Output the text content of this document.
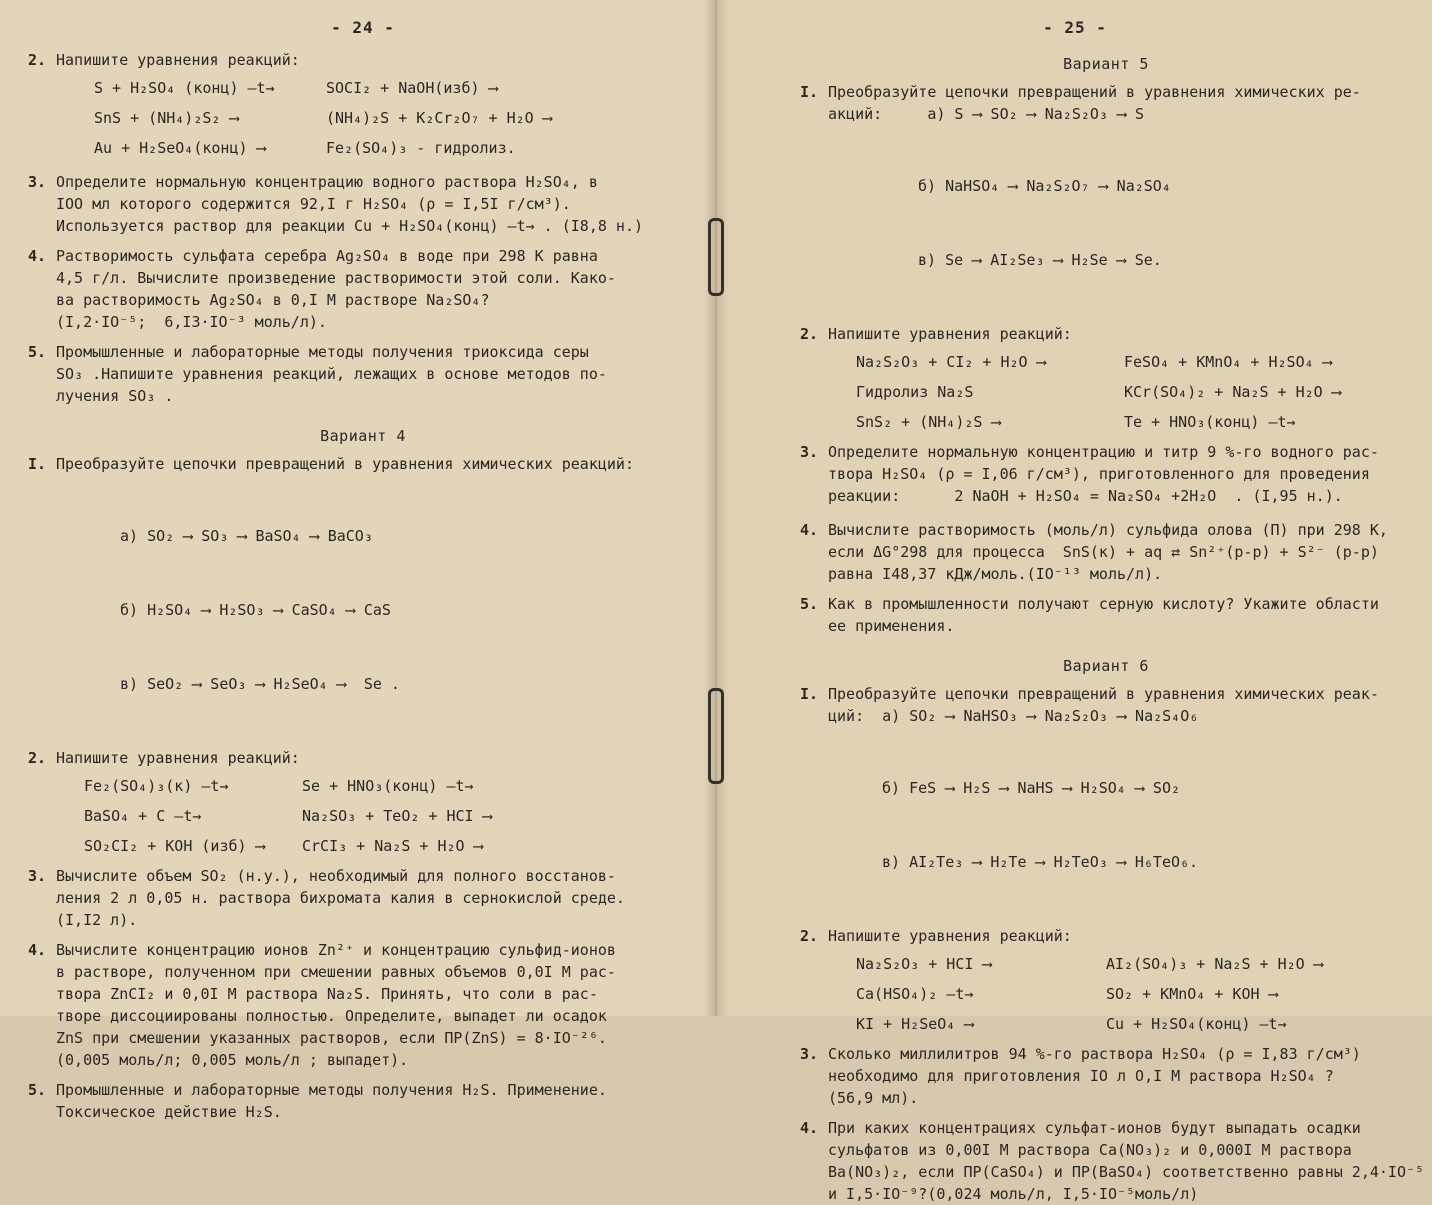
- 24 -
2. Напишите уравнения реакций:
S + H₂SO₄ (конц) —t→	SOCI₂ + NaOH(изб) ⟶
SnS + (NH₄)₂S₂ ⟶	(NH₄)₂S + K₂Cr₂O₇ + H₂O ⟶
Au + H₂SeO₄(конц) ⟶	Fe₂(SO₄)₃ - гидролиз.
3. Определите нормальную концентрацию водного раствора H₂SO₄, в
IOO мл которого содержится 92,I г H₂SO₄ (ρ = I,5I г/см³).
Используется раствор для реакции Cu + H₂SO₄(конц) —t→ . (I8,8 н.)
4. Растворимость сульфата серебра Ag₂SO₄ в воде при 298 К равна
4,5 г/л. Вычислите произведение растворимости этой соли. Како-
ва растворимость Ag₂SO₄ в 0,I М растворе Na₂SO₄?
(I,2·IO⁻⁵;  6,I3·IO⁻³ моль/л).
5. Промышленные и лабораторные методы получения триоксида серы
SO₃ .Напишите уравнения реакций, лежащих в основе методов по-
лучения SO₃ .
Вариант 4
I. Преобразуйте цепочки превращений в уравнения химических реакций:

а) SO₂ ⟶ SO₃ ⟶ BaSO₄ ⟶ BaCO₃

б) H₂SO₄ ⟶ H₂SO₃ ⟶ CaSO₄ ⟶ CaS

в) SeO₂ ⟶ SeO₃ ⟶ H₂SeO₄ ⟶  Se .

2. Напишите уравнения реакций:
Fe₂(SO₄)₃(к) —t→	Se + HNO₃(конц) —t→
BaSO₄ + C —t→	Na₂SO₃ + TeO₂ + HCI ⟶
SO₂CI₂ + KOH (изб) ⟶	CrCI₃ + Na₂S + H₂O ⟶
3. Вычислите объем SO₂ (н.у.), необходимый для полного восстанов-
ления 2 л 0,05 н. раствора бихромата калия в сернокислой среде.
(I,I2 л).
4. Вычислите концентрацию ионов Zn²⁺ и концентрацию сульфид-ионов
в растворе, полученном при смешении равных объемов 0,0I М рас-
твора ZnCI₂ и 0,0I М раствора Na₂S. Принять, что соли в рас-
творе диссоциированы полностью. Определите, выпадет ли осадок
ZnS при смешении указанных растворов, если ПР(ZnS) = 8·IO⁻²⁶.
(0,005 моль/л; 0,005 моль/л ; выпадет).
5. Промышленные и лабораторные методы получения H₂S. Применение.
Токсическое действие H₂S.
- 25 -
Вариант 5
I. Преобразуйте цепочки превращений в уравнения химических ре-
акций:     а) S ⟶ SO₂ ⟶ Na₂S₂O₃ ⟶ S

б) NaHSO₄ ⟶ Na₂S₂O₇ ⟶ Na₂SO₄

в) Se ⟶ AI₂Se₃ ⟶ H₂Se ⟶ Se.

2. Напишите уравнения реакций:
Na₂S₂O₃ + CI₂ + H₂O ⟶	FeSO₄ + KMnO₄ + H₂SO₄ ⟶
Гидролиз Na₂S	KCr(SO₄)₂ + Na₂S + H₂O ⟶
SnS₂ + (NH₄)₂S ⟶	Te + HNO₃(конц) —t→
3. Определите нормальную концентрацию и титр 9 %-го водного рас-
твора H₂SO₄ (ρ = I,06 г/см³), приготовленного для проведения
реакции:      2 NaOH + H₂SO₄ = Na₂SO₄ +2H₂O  . (I,95 н.).
4. Вычислите растворимость (моль/л) сульфида олова (П) при 298 К,
если ΔG°298 для процесса  SnS(к) + aq ⇄ Sn²⁺(р-р) + S²⁻ (р-р)
равна I48,37 кДж/моль.(IO⁻¹³ моль/л).
5. Как в промышленности получают серную кислоту? Укажите области
ее применения.
Вариант 6
I. Преобразуйте цепочки превращений в уравнения химических реак-
ций:  а) SO₂ ⟶ NaHSO₃ ⟶ Na₂S₂O₃ ⟶ Na₂S₄O₆

б) FeS ⟶ H₂S ⟶ NaHS ⟶ H₂SO₄ ⟶ SO₂

в) AI₂Te₃ ⟶ H₂Te ⟶ H₂TeO₃ ⟶ H₆TeO₆.

2. Напишите уравнения реакций:
Na₂S₂O₃ + HCI ⟶	AI₂(SO₄)₃ + Na₂S + H₂O ⟶
Ca(HSO₄)₂ —t→	SO₂ + KMnO₄ + KOH ⟶
KI + H₂SeO₄ ⟶	Cu + H₂SO₄(конц) —t→
3. Сколько миллилитров 94 %-го раствора H₂SO₄ (ρ = I,83 г/см³)
необходимо для приготовления IO л O,I М раствора H₂SO₄ ?
(56,9 мл).
4. При каких концентрациях сульфат-ионов будут выпадать осадки
сульфатов из 0,00I М раствора Ca(NO₃)₂ и 0,000I М раствора
Ba(NO₃)₂, если ПР(CaSO₄) и ПР(BaSO₄) соответственно равны 2,4·IO⁻⁵
и I,5·IO⁻⁹?(0,024 моль/л, I,5·IO⁻⁵моль/л)
